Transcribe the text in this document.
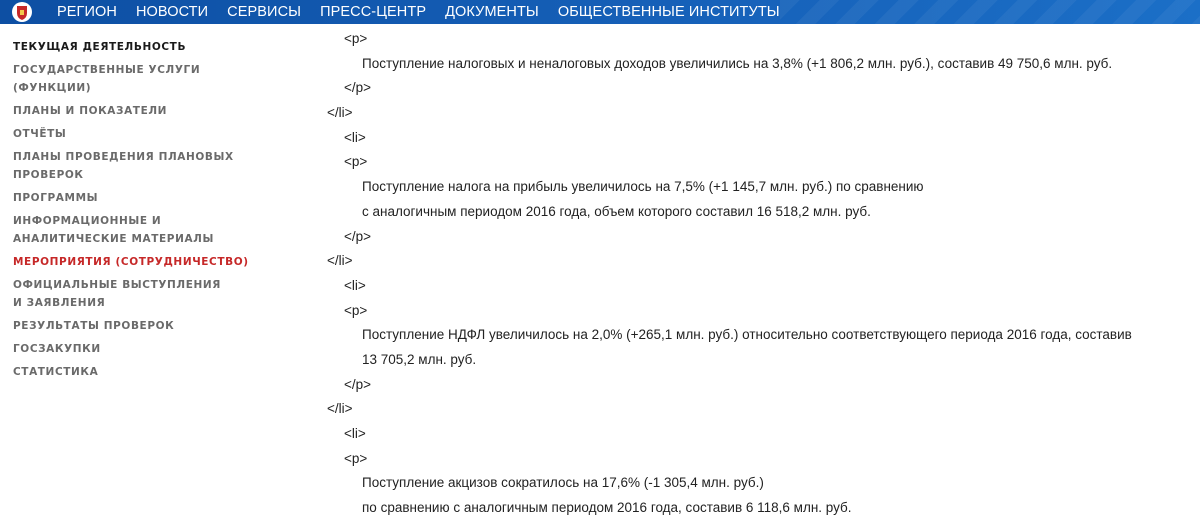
РЕГИОН НОВОСТИ СЕРВИСЫ ПРЕСС-ЦЕНТР ДОКУМЕНТЫ ОБЩЕСТВЕННЫЕ ИНСТИТУТЫ
ТЕКУЩАЯ ДЕЯТЕЛЬНОСТЬ
ГОСУДАРСТВЕННЫЕ УСЛУГИ (ФУНКЦИИ)
ПЛАНЫ И ПОКАЗАТЕЛИ
ОТЧЁТЫ
ПЛАНЫ ПРОВЕДЕНИЯ ПЛАНОВЫХ ПРОВЕРОК
ПРОГРАММЫ
ИНФОРМАЦИОННЫЕ И АНАЛИТИЧЕСКИЕ МАТЕРИАЛЫ
МЕРОПРИЯТИЯ (СОТРУДНИЧЕСТВО)
ОФИЦИАЛЬНЫЕ ВЫСТУПЛЕНИЯ И ЗАЯВЛЕНИЯ
РЕЗУЛЬТАТЫ ПРОВЕРОК
ГОСЗАКУПКИ
СТАТИСТИКА
<p>
Поступление налоговых и неналоговых доходов увеличились на 3,8% (+1 806,2 млн. руб.), составив 49 750,6 млн. руб.
</p>
</li>
<li>
<p>
Поступление налога на прибыль увеличилось на 7,5% (+1 145,7 млн. руб.) по сравнению
с аналогичным периодом 2016 года, объем которого составил 16 518,2 млн. руб.
</p>
</li>
<li>
<p>
Поступление НДФЛ увеличилось на 2,0% (+265,1 млн. руб.) относительно соответствующего периода 2016 года, составив
13 705,2 млн. руб.
</p>
</li>
<li>
<p>
Поступление акцизов сократилось на 17,6% (-1 305,4 млн. руб.)
по сравнению с аналогичным периодом 2016 года, составив 6 118,6 млн. руб.
